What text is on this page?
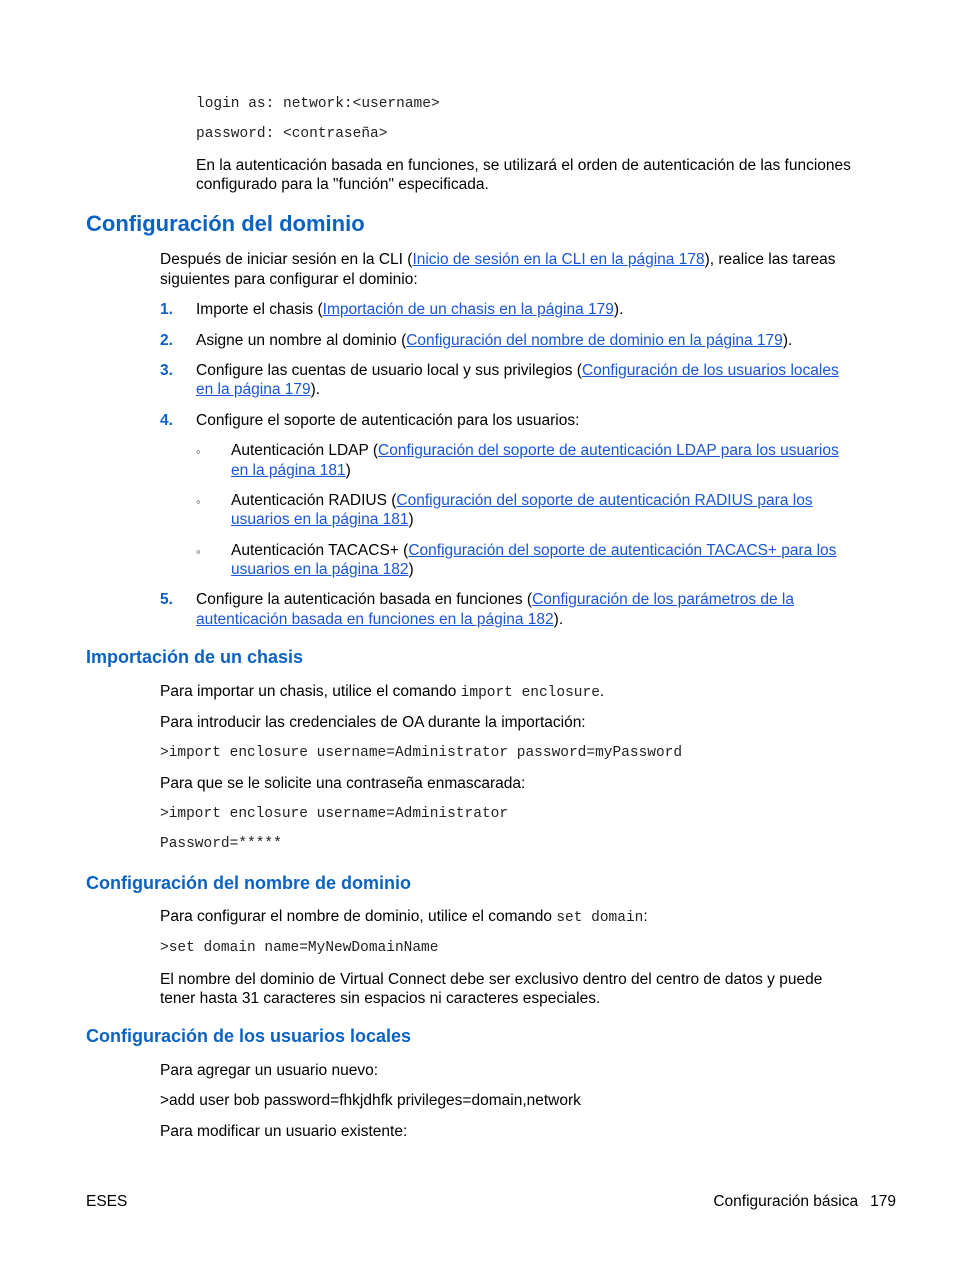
login as: network:<username>
password: <contraseña>
En la autenticación basada en funciones, se utilizará el orden de autenticación de las funciones
configurado para la "función" especificada.
Configuración del dominio
Después de iniciar sesión en la CLI (Inicio de sesión en la CLI en la página 178), realice las tareas
siguientes para configurar el dominio:
1. Importe el chasis (Importación de un chasis en la página 179).
2. Asigne un nombre al dominio (Configuración del nombre de dominio en la página 179).
3. Configure las cuentas de usuario local y sus privilegios (Configuración de los usuarios locales
en la página 179).
4. Configure el soporte de autenticación para los usuarios:
◦ Autenticación LDAP (Configuración del soporte de autenticación LDAP para los usuarios
en la página 181)
◦ Autenticación RADIUS (Configuración del soporte de autenticación RADIUS para los
usuarios en la página 181)
◦ Autenticación TACACS+ (Configuración del soporte de autenticación TACACS+ para los
usuarios en la página 182)
5. Configure la autenticación basada en funciones (Configuración de los parámetros de la
autenticación basada en funciones en la página 182).
Importación de un chasis
Para importar un chasis, utilice el comando import enclosure.
Para introducir las credenciales de OA durante la importación:
>import enclosure username=Administrator password=myPassword
Para que se le solicite una contraseña enmascarada:
>import enclosure username=Administrator
Password=*****
Configuración del nombre de dominio
Para configurar el nombre de dominio, utilice el comando set domain:
>set domain name=MyNewDomainName
El nombre del dominio de Virtual Connect debe ser exclusivo dentro del centro de datos y puede
tener hasta 31 caracteres sin espacios ni caracteres especiales.
Configuración de los usuarios locales
Para agregar un usuario nuevo:
>add user bob password=fhkjdhfk privileges=domain,network
Para modificar un usuario existente:
ESES	Configuración básica 179
